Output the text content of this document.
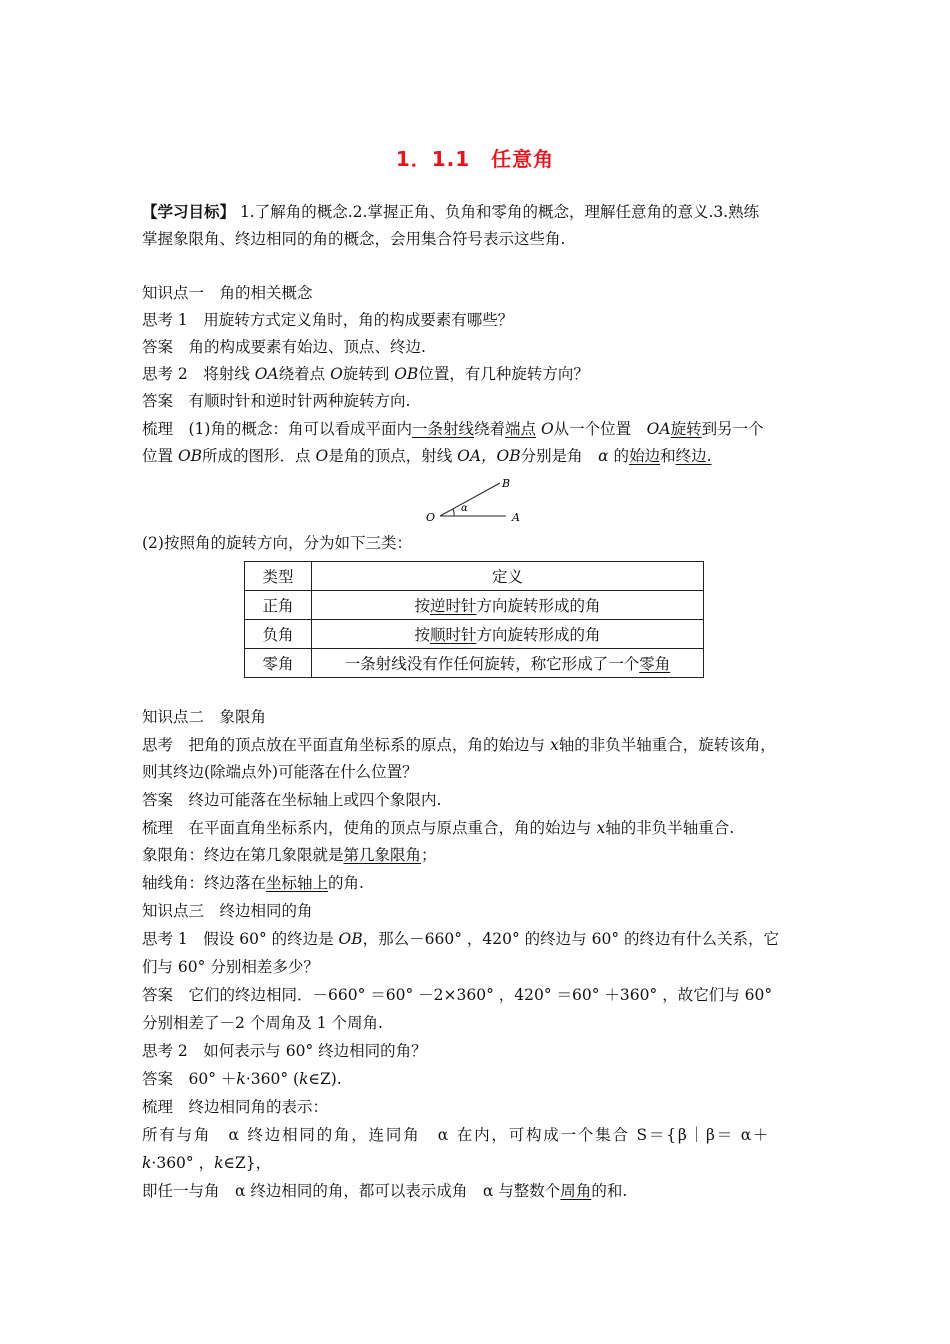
1．1.1　任意角
【学习目标】 1.了解角的概念.2.掌握正角、负角和零角的概念，理解任意角的意义.3.熟练
掌握象限角、终边相同的角的概念，会用集合符号表示这些角.
知识点一　角的相关概念
思考 1　用旋转方式定义角时，角的构成要素有哪些？
答案　角的构成要素有始边、顶点、终边.
思考 2　将射线 OA绕着点 O旋转到 OB位置，有几种旋转方向？
答案　有顺时针和逆时针两种旋转方向.
梳理　(1)角的概念：角可以看成平面内一条射线绕着端点 O从一个位置　OA旋转到另一个
位置 OB所成的图形．点 O是角的顶点，射线 OA，OB分别是角　α 的始边和终边.
B
O	A
α
(2)按照角的旋转方向，分为如下三类：
类型	定义
正角	按逆时针方向旋转形成的角
负角	按顺时针方向旋转形成的角
零角	一条射线没有作任何旋转，称它形成了一个零角
知识点二　象限角
思考　把角的顶点放在平面直角坐标系的原点，角的始边与 x轴的非负半轴重合，旋转该角，
则其终边(除端点外)可能落在什么位置？
答案　终边可能落在坐标轴上或四个象限内.
梳理　在平面直角坐标系内，使角的顶点与原点重合，角的始边与 x轴的非负半轴重合.
象限角：终边在第几象限就是第几象限角；
轴线角：终边落在坐标轴上的角.
知识点三　终边相同的角
思考 1　假设 60° 的终边是 OB，那么－660° ，420° 的终边与 60° 的终边有什么关系，它
们与 60° 分别相差多少？
答案　它们的终边相同．－660° ＝60° －2×360° ，420° ＝60° ＋360° ，故它们与 60°
分别相差了－2 个周角及 1 个周角.
思考 2　如何表示与 60° 终边相同的角？
答案　60° ＋k·360° (k∈Z).
梳理　终边相同角的表示：
所有与角　α 终边相同的角，连同角　α 在内，可构成一个集合 S＝{β｜β＝ α＋
k·360° ，k∈Z}，
即任一与角　α 终边相同的角，都可以表示成角　α 与整数个周角的和.
